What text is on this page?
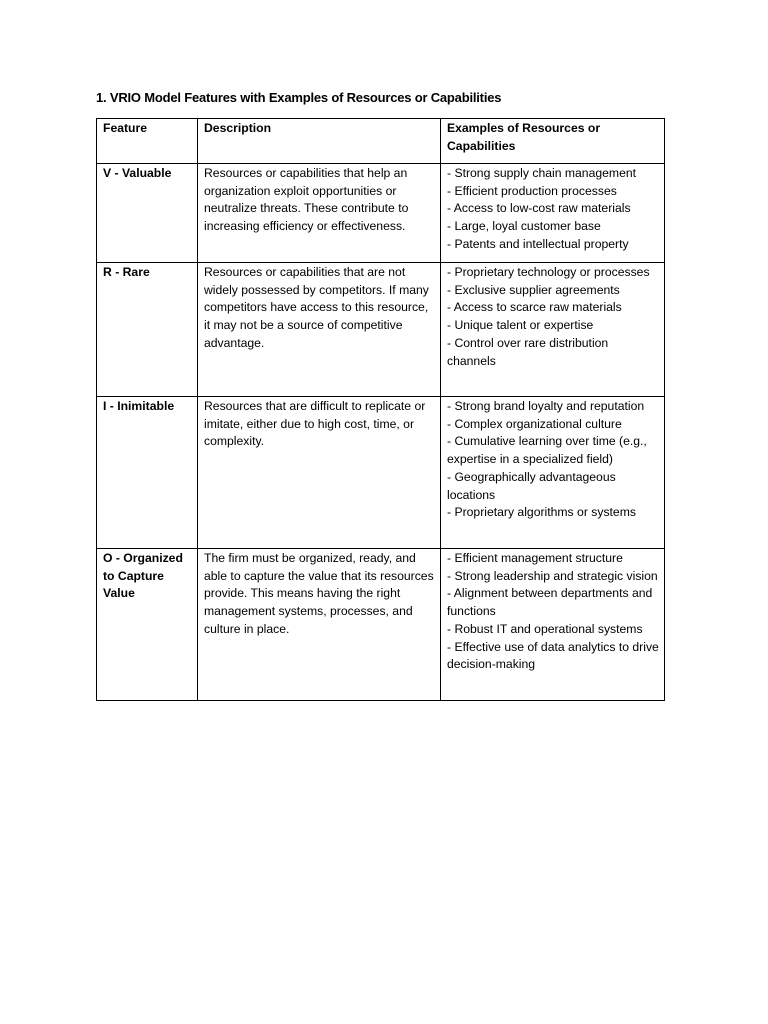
1. VRIO Model Features with Examples of Resources or Capabilities
Feature	Description	Examples of Resources or Capabilities

V - Valuable	Resources or capabilities that help an organization exploit opportunities or neutralize threats. These contribute to increasing efficiency or effectiveness.	- Strong supply chain management
- Efficient production processes
- Access to low-cost raw materials
- Large, loyal customer base
- Patents and intellectual property

R - Rare	Resources or capabilities that are not widely possessed by competitors. If many competitors have access to this resource, it may not be a source of competitive advantage.	- Proprietary technology or processes
- Exclusive supplier agreements
- Access to scarce raw materials
- Unique talent or expertise
- Control over rare distribution channels

I - Inimitable	Resources that are difficult to replicate or imitate, either due to high cost, time, or complexity.	- Strong brand loyalty and reputation
- Complex organizational culture
- Cumulative learning over time (e.g., expertise in a specialized field)
- Geographically advantageous locations
- Proprietary algorithms or systems

O - Organized to Capture Value	The firm must be organized, ready, and able to capture the value that its resources provide. This means having the right management systems, processes, and culture in place.	- Efficient management structure
- Strong leadership and strategic vision
- Alignment between departments and functions
- Robust IT and operational systems
- Effective use of data analytics to drive decision-making
